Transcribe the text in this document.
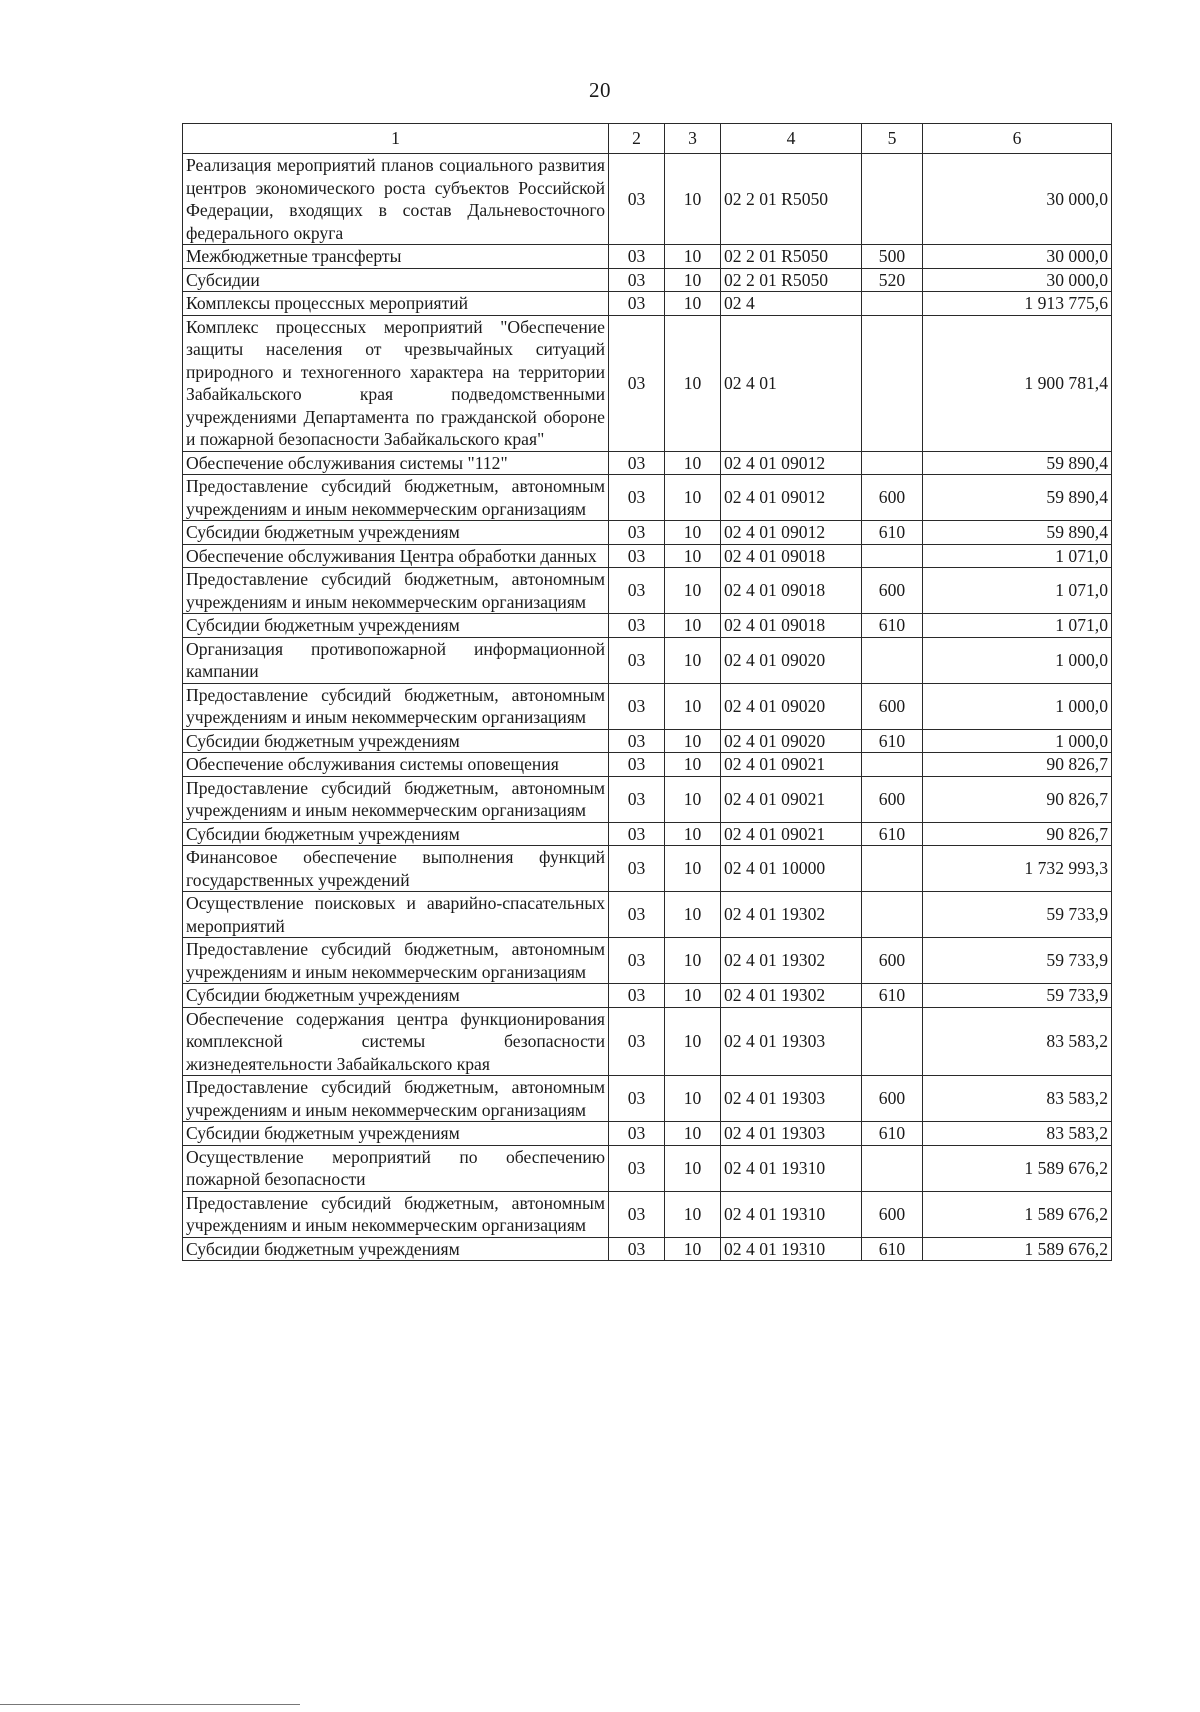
20
1	2	3	4	5	6
Реализация мероприятий планов социального развития центров экономического роста субъектов Российской Федерации, входящих в состав Дальневосточного федерального округа	03	10	02 2 01 R5050		30 000,0
Межбюджетные трансферты	03	10	02 2 01 R5050	500	30 000,0
Субсидии	03	10	02 2 01 R5050	520	30 000,0
Комплексы процессных мероприятий	03	10	02 4		1 913 775,6
Комплекс процессных мероприятий "Обеспечение защиты населения от чрезвычайных ситуаций природного и техногенного характера на территории Забайкальского края подведомственными учреждениями Департамента по гражданской обороне и пожарной безопасности Забайкальского края"	03	10	02 4 01		1 900 781,4
Обеспечение обслуживания системы "112"	03	10	02 4 01 09012		59 890,4
Предоставление субсидий бюджетным, автономным учреждениям и иным некоммерческим организациям	03	10	02 4 01 09012	600	59 890,4
Субсидии бюджетным учреждениям	03	10	02 4 01 09012	610	59 890,4
Обеспечение обслуживания Центра обработки данных	03	10	02 4 01 09018		1 071,0
Предоставление субсидий бюджетным, автономным учреждениям и иным некоммерческим организациям	03	10	02 4 01 09018	600	1 071,0
Субсидии бюджетным учреждениям	03	10	02 4 01 09018	610	1 071,0
Организация противопожарной информационной кампании	03	10	02 4 01 09020		1 000,0
Предоставление субсидий бюджетным, автономным учреждениям и иным некоммерческим организациям	03	10	02 4 01 09020	600	1 000,0
Субсидии бюджетным учреждениям	03	10	02 4 01 09020	610	1 000,0
Обеспечение обслуживания системы оповещения	03	10	02 4 01 09021		90 826,7
Предоставление субсидий бюджетным, автономным учреждениям и иным некоммерческим организациям	03	10	02 4 01 09021	600	90 826,7
Субсидии бюджетным учреждениям	03	10	02 4 01 09021	610	90 826,7
Финансовое обеспечение выполнения функций государственных учреждений	03	10	02 4 01 10000		1 732 993,3
Осуществление поисковых и аварийно-спасательных мероприятий	03	10	02 4 01 19302		59 733,9
Предоставление субсидий бюджетным, автономным учреждениям и иным некоммерческим организациям	03	10	02 4 01 19302	600	59 733,9
Субсидии бюджетным учреждениям	03	10	02 4 01 19302	610	59 733,9
Обеспечение содержания центра функционирования комплексной системы безопасности жизнедеятельности Забайкальского края	03	10	02 4 01 19303		83 583,2
Предоставление субсидий бюджетным, автономным учреждениям и иным некоммерческим организациям	03	10	02 4 01 19303	600	83 583,2
Субсидии бюджетным учреждениям	03	10	02 4 01 19303	610	83 583,2
Осуществление мероприятий по обеспечению пожарной безопасности	03	10	02 4 01 19310		1 589 676,2
Предоставление субсидий бюджетным, автономным учреждениям и иным некоммерческим организациям	03	10	02 4 01 19310	600	1 589 676,2
Субсидии бюджетным учреждениям	03	10	02 4 01 19310	610	1 589 676,2
